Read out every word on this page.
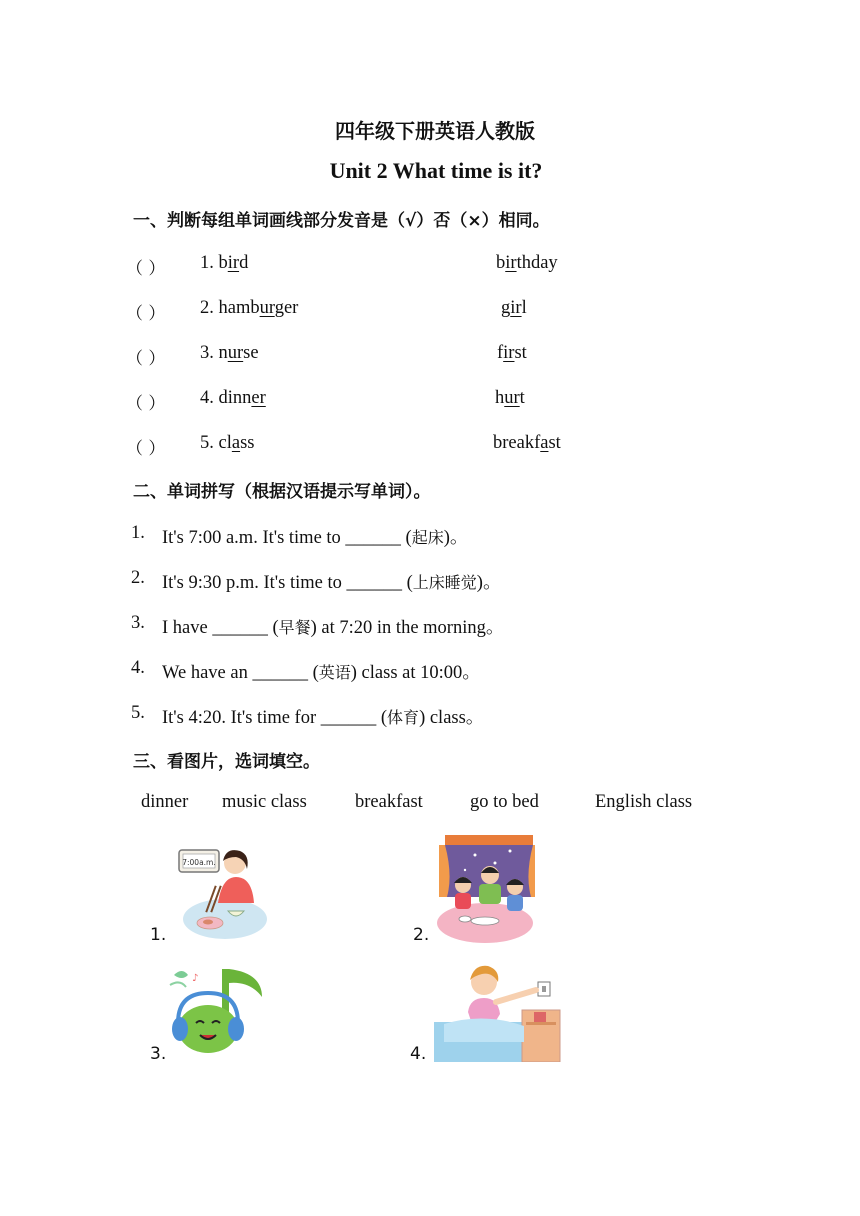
四年级下册英语人教版
Unit 2 What time is it?
一、判断每组单词画线部分发音是（√）否（×）相同。
（ ） 1. bird	birthday
（ ） 2. hamburger	girl
（ ） 3. nurse	first
（ ） 4. dinner	hurt
（ ） 5. class	breakfast
二、单词拼写（根据汉语提示写单词）。
1. It's 7:00 a.m. It's time to ______ (起床)。
2. It's 9:30 p.m. It's time to ______ (上床睡觉)。
3. I have ______ (早餐) at 7:20 in the morning。
4. We have an ______ (英语) class at 10:00。
5. It's 4:20. It's time for ______ (体育) class。
三、看图片，选词填空。
dinner music class	breakfast	go to bed	English class
1.	2.
3.	4.
7:00a.m.
♪
